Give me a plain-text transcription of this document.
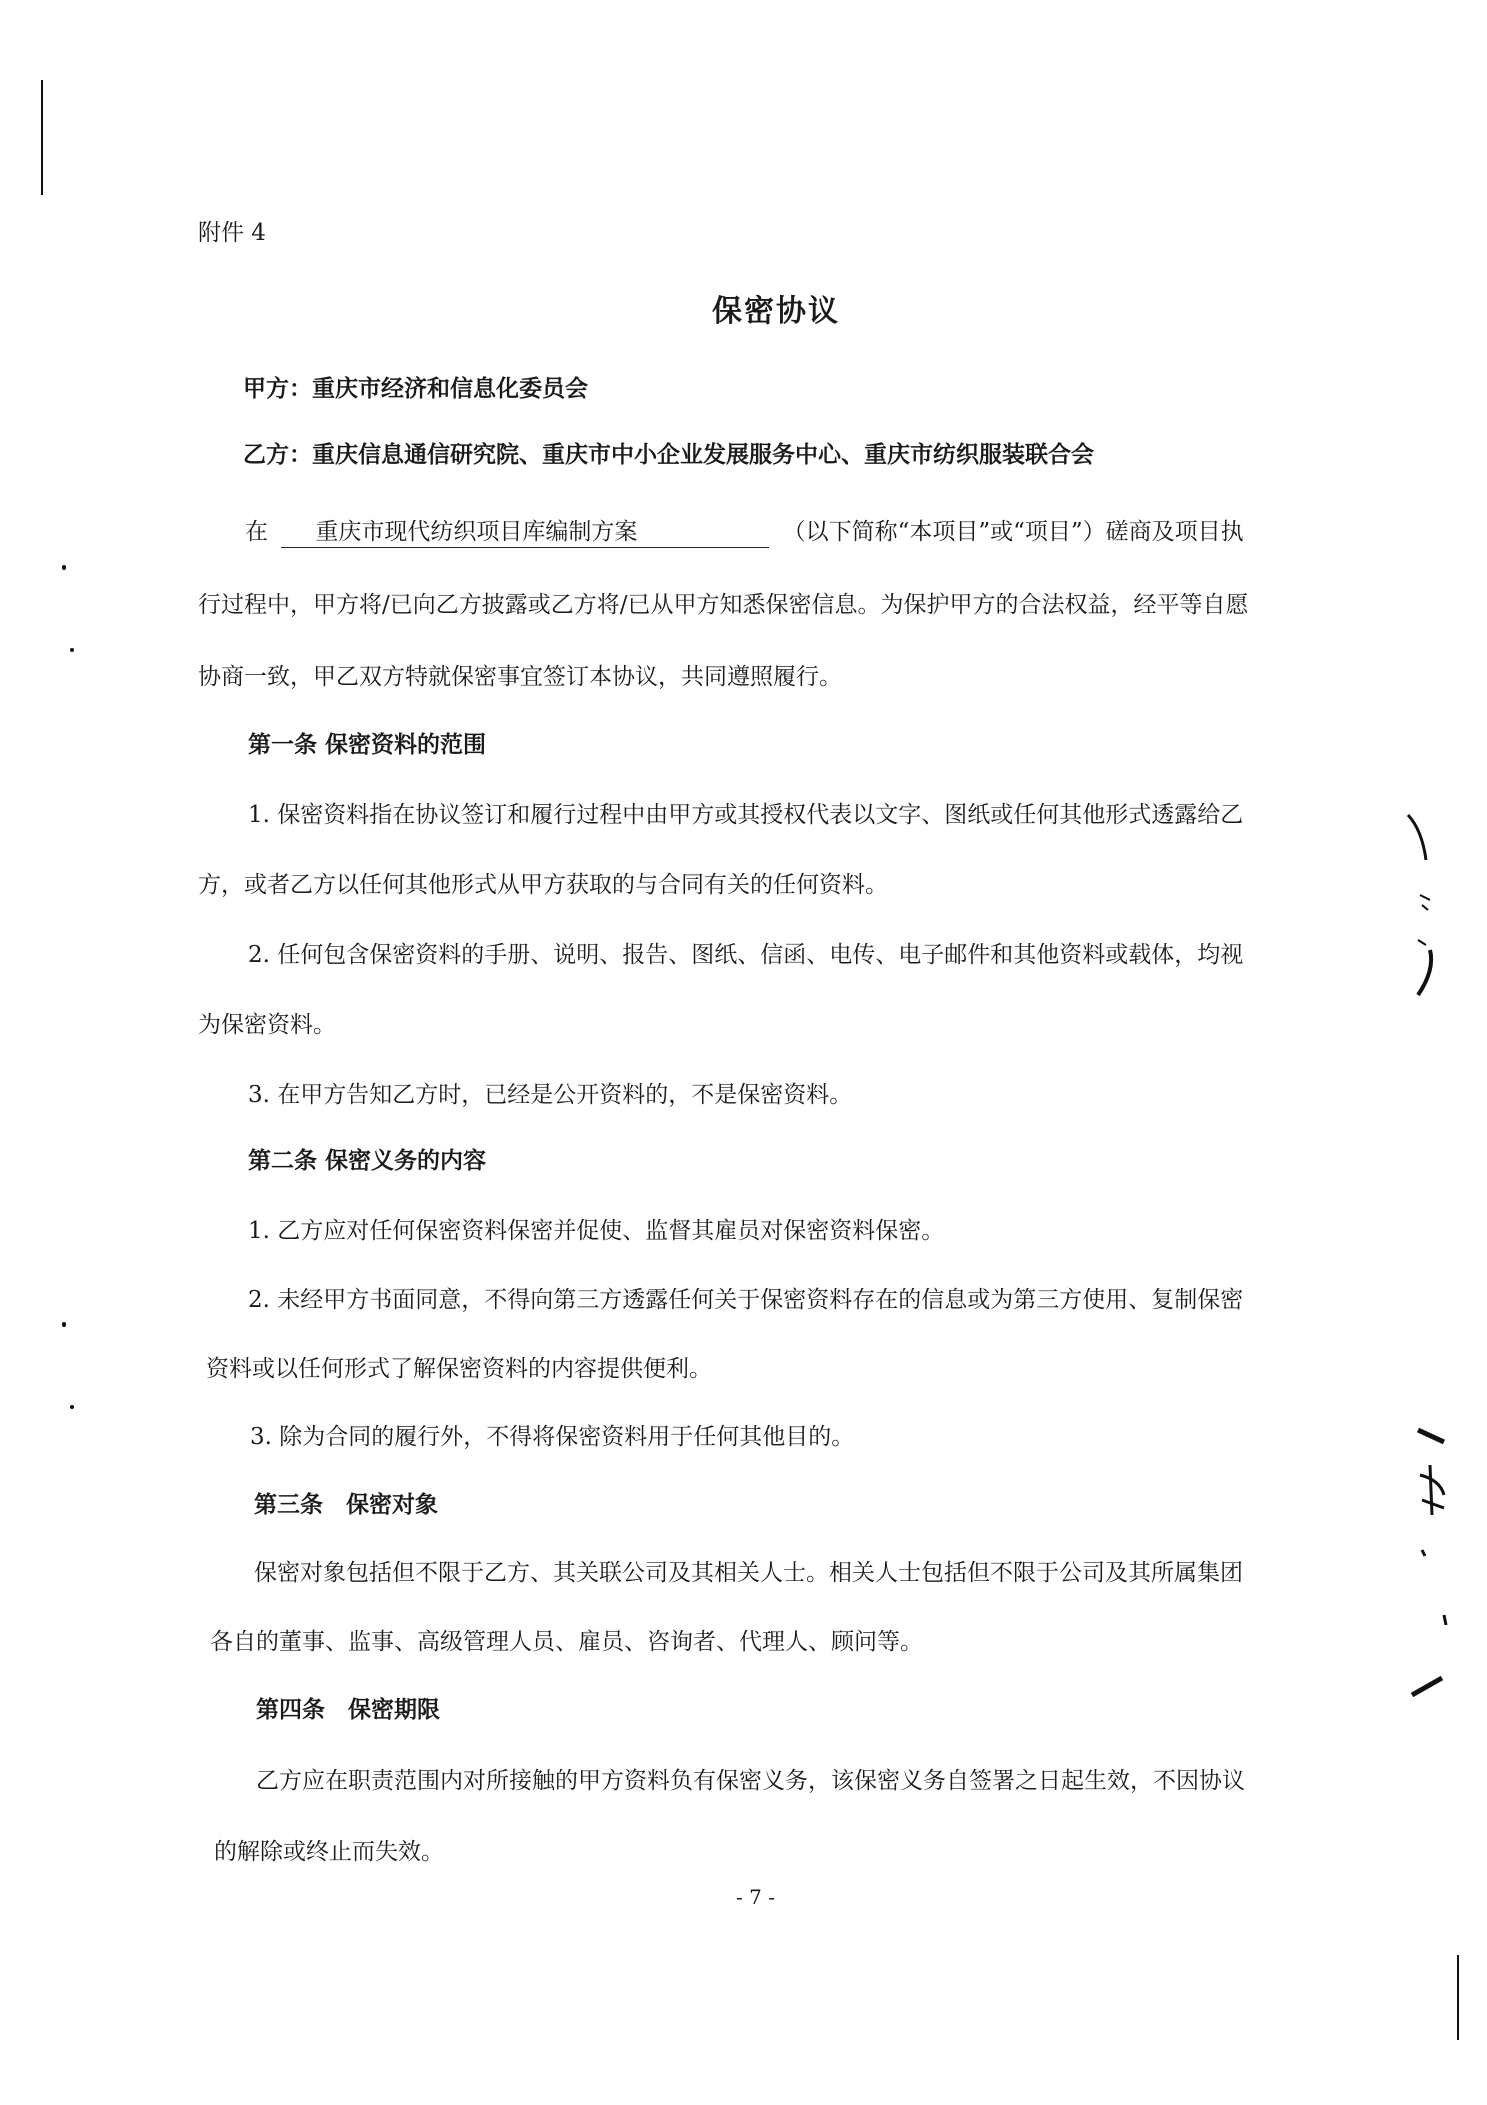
附件 4
保密协议
甲方：重庆市经济和信息化委员会
乙方：重庆信息通信研究院、重庆市中小企业发展服务中心、重庆市纺织服装联合会
在 重庆市现代纺织项目库编制方案	（以下简称“本项目”或“项目”）磋商及项目执
行过程中，甲方将/已向乙方披露或乙方将/已从甲方知悉保密信息。为保护甲方的合法权益，经平等自愿
协商一致，甲乙双方特就保密事宜签订本协议，共同遵照履行。
第一条 保密资料的范围
1. 保密资料指在协议签订和履行过程中由甲方或其授权代表以文字、图纸或任何其他形式透露给乙
方，或者乙方以任何其他形式从甲方获取的与合同有关的任何资料。
2. 任何包含保密资料的手册、说明、报告、图纸、信函、电传、电子邮件和其他资料或载体，均视
为保密资料。
3. 在甲方告知乙方时，已经是公开资料的，不是保密资料。
第二条 保密义务的内容
1. 乙方应对任何保密资料保密并促使、监督其雇员对保密资料保密。
2. 未经甲方书面同意，不得向第三方透露任何关于保密资料存在的信息或为第三方使用、复制保密
资料或以任何形式了解保密资料的内容提供便利。
3. 除为合同的履行外，不得将保密资料用于任何其他目的。
第三条　保密对象
保密对象包括但不限于乙方、其关联公司及其相关人士。相关人士包括但不限于公司及其所属集团
各自的董事、监事、高级管理人员、雇员、咨询者、代理人、顾问等。
第四条　保密期限
乙方应在职责范围内对所接触的甲方资料负有保密义务，该保密义务自签署之日起生效，不因协议
的解除或终止而失效。
- 7 -
